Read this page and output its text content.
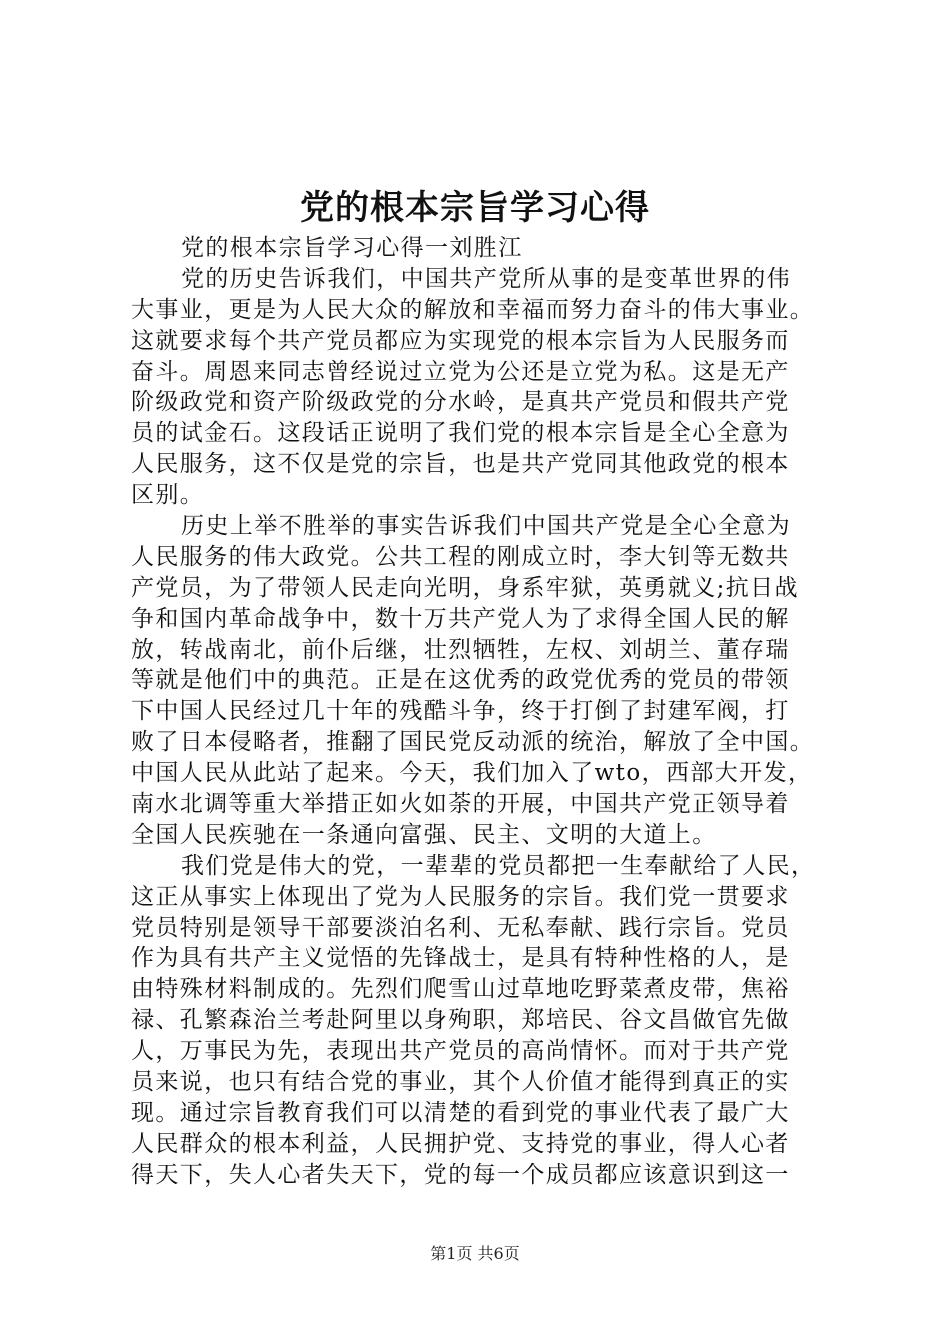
党的根本宗旨学习心得
党的根本宗旨学习心得一刘胜江
党的历史告诉我们，中国共产党所从事的是变革世界的伟
大事业，更是为人民大众的解放和幸福而努力奋斗的伟大事业。
这就要求每个共产党员都应为实现党的根本宗旨为人民服务而
奋斗。周恩来同志曾经说过立党为公还是立党为私。这是无产
阶级政党和资产阶级政党的分水岭，是真共产党员和假共产党
员的试金石。这段话正说明了我们党的根本宗旨是全心全意为
人民服务，这不仅是党的宗旨，也是共产党同其他政党的根本
区别。
历史上举不胜举的事实告诉我们中国共产党是全心全意为
人民服务的伟大政党。公共工程的刚成立时，李大钊等无数共
产党员，为了带领人民走向光明，身系牢狱，英勇就义;抗日战
争和国内革命战争中，数十万共产党人为了求得全国人民的解
放，转战南北，前仆后继，壮烈牺牲，左权、刘胡兰、董存瑞
等就是他们中的典范。正是在这优秀的政党优秀的党员的带领
下中国人民经过几十年的残酷斗争，终于打倒了封建军阀，打
败了日本侵略者，推翻了国民党反动派的统治，解放了全中国。
中国人民从此站了起来。今天，我们加入了wto，西部大开发，
南水北调等重大举措正如火如荼的开展，中国共产党正领导着
全国人民疾驰在一条通向富强、民主、文明的大道上。
我们党是伟大的党，一辈辈的党员都把一生奉献给了人民，
这正从事实上体现出了党为人民服务的宗旨。我们党一贯要求
党员特别是领导干部要淡泊名利、无私奉献、践行宗旨。党员
作为具有共产主义觉悟的先锋战士，是具有特种性格的人，是
由特殊材料制成的。先烈们爬雪山过草地吃野菜煮皮带，焦裕
禄、孔繁森治兰考赴阿里以身殉职，郑培民、谷文昌做官先做
人，万事民为先，表现出共产党员的高尚情怀。而对于共产党
员来说，也只有结合党的事业，其个人价值才能得到真正的实
现。通过宗旨教育我们可以清楚的看到党的事业代表了最广大
人民群众的根本利益，人民拥护党、支持党的事业，得人心者
得天下，失人心者失天下，党的每一个成员都应该意识到这一
第1页 共6页
